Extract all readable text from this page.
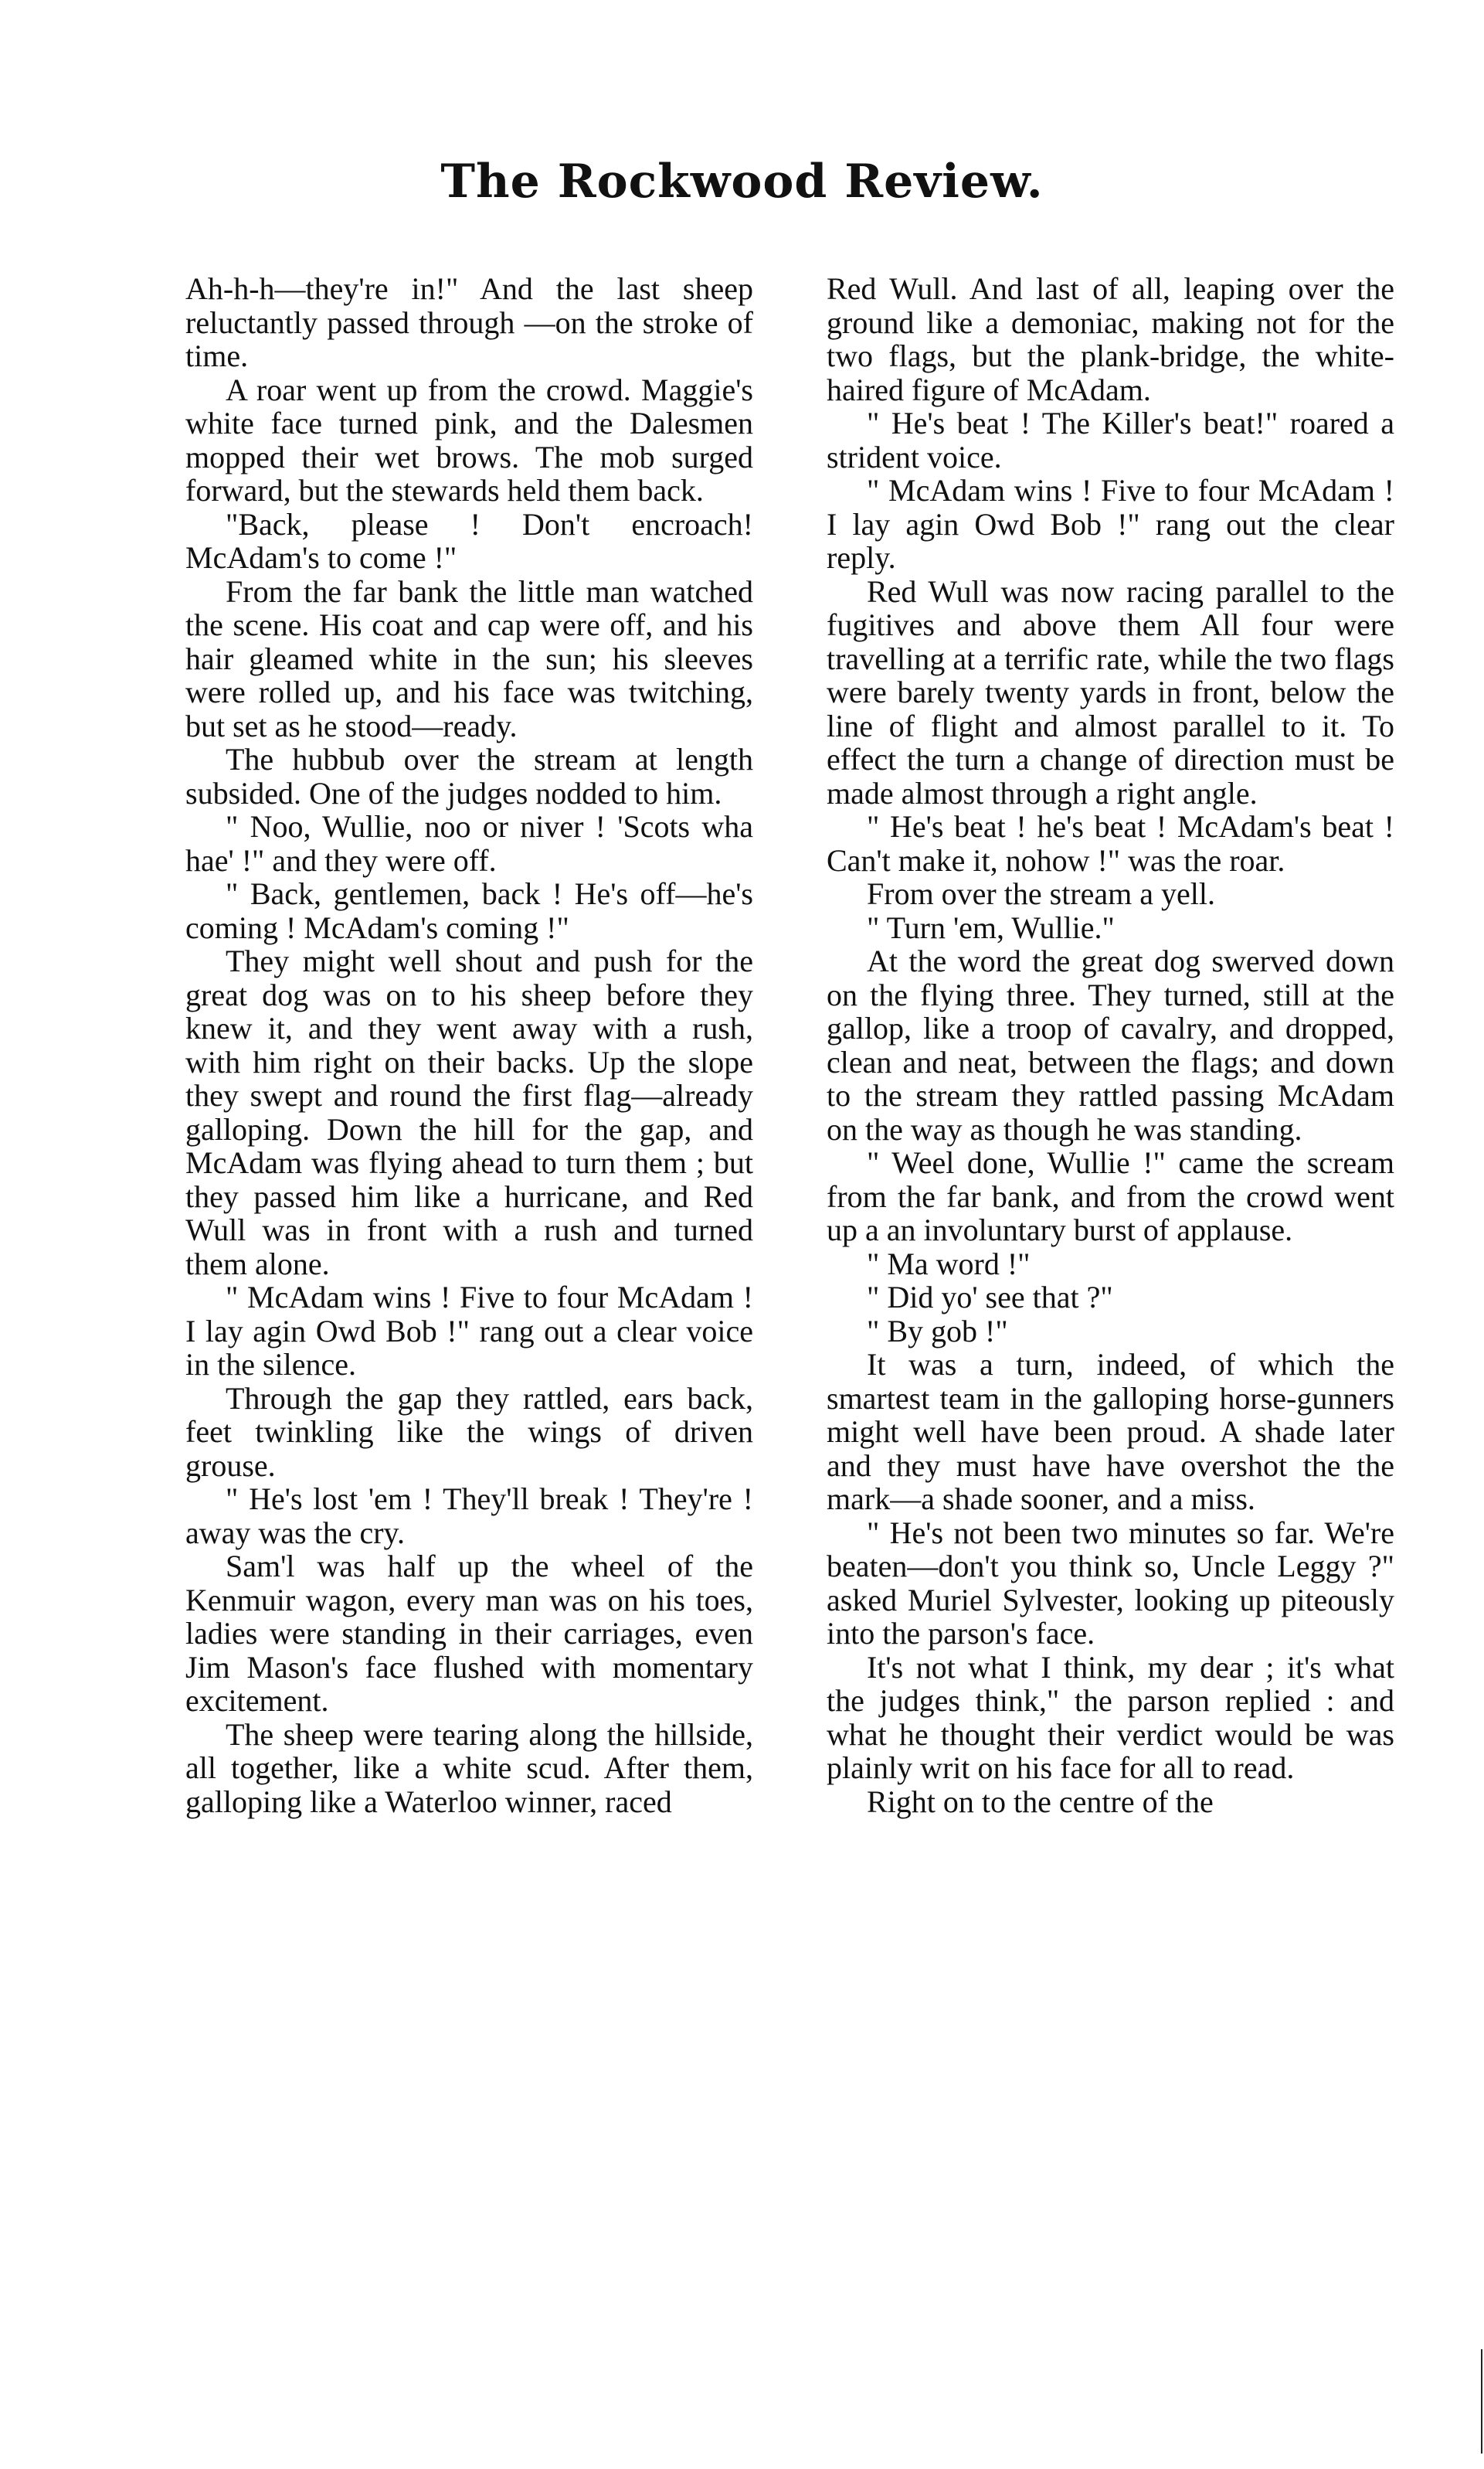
The Rockwood Review.

Ah-h-h—they're in!" And the last sheep reluctantly passed through —on the stroke of time.

A roar went up from the crowd. Maggie's white face turned pink, and the Dalesmen mopped their wet brows. The mob surged forward, but the stewards held them back.

"Back, please ! Don't encroach! McAdam's to come !"

From the far bank the little man watched the scene. His coat and cap were off, and his hair gleamed white in the sun; his sleeves were rolled up, and his face was twitching, but set as he stood—ready.

The hubbub over the stream at length subsided. One of the judges nodded to him.

" Noo, Wullie, noo or niver ! 'Scots wha hae' !" and they were off.

" Back, gentlemen, back ! He's off—he's coming ! McAdam's coming !"

They might well shout and push for the great dog was on to his sheep before they knew it, and they went away with a rush, with him right on their backs. Up the slope they swept and round the first flag—already galloping. Down the hill for the gap, and McAdam was flying ahead to turn them ; but they passed him like a hurricane, and Red Wull was in front with a rush and turned them alone.

" McAdam wins ! Five to four McAdam ! I lay agin Owd Bob !" rang out a clear voice in the silence.

Through the gap they rattled, ears back, feet twinkling like the wings of driven grouse.

" He's lost 'em ! They'll break ! They're ! away was the cry.

Sam'l was half up the wheel of the Kenmuir wagon, every man was on his toes, ladies were standing in their carriages, even Jim Mason's face flushed with momentary excitement.

The sheep were tearing along the hillside, all together, like a white scud. After them, galloping like a Waterloo winner, raced

Red Wull. And last of all, leaping over the ground like a demoniac, making not for the two flags, but the plank-bridge, the white-haired figure of McAdam.

" He's beat ! The Killer's beat!" roared a strident voice.

" McAdam wins ! Five to four McAdam ! I lay agin Owd Bob !" rang out the clear reply.

Red Wull was now racing parallel to the fugitives and above them All four were travelling at a terrific rate, while the two flags were barely twenty yards in front, below the line of flight and almost parallel to it. To effect the turn a change of direction must be made almost through a right angle.

" He's beat ! he's beat ! McAdam's beat ! Can't make it, nohow !" was the roar.

From over the stream a yell.

" Turn 'em, Wullie."

At the word the great dog swerved down on the flying three. They turned, still at the gallop, like a troop of cavalry, and dropped, clean and neat, between the flags; and down to the stream they rattled passing McAdam on the way as though he was standing.

" Weel done, Wullie !" came the scream from the far bank, and from the crowd went up a an involuntary burst of applause.

" Ma word !"

" Did yo' see that ?"

" By gob !"

It was a turn, indeed, of which the smartest team in the galloping horse-gunners might well have been proud. A shade later and they must have have overshot the the mark—a shade sooner, and a miss.

" He's not been two minutes so far. We're beaten—don't you think so, Uncle Leggy ?" asked Muriel Sylvester, looking up piteously into the parson's face.

It's not what I think, my dear ; it's what the judges think," the parson replied : and what he thought their verdict would be was plainly writ on his face for all to read.

Right on to the centre of the
